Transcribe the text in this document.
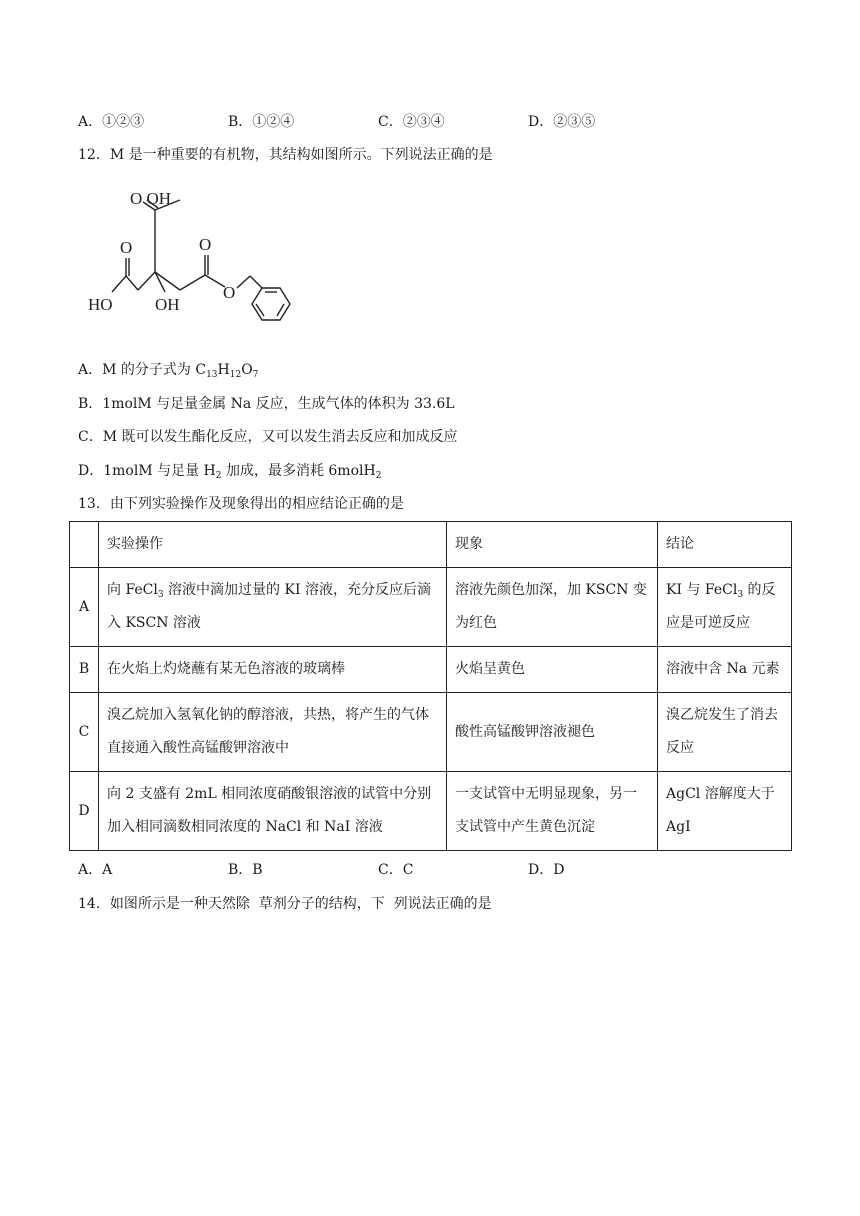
A．①②③	B．①②④	C．②③④	D．②③⑤
12．M 是一种重要的有机物，其结构如图所示。下列说法正确的是
O OH
O	O
HO OH
O
A．M 的分子式为 $C_{13}H_{12}O_7$
B．1molM 与足量金属 Na 反应，生成气体的体积为 33.6L
C．M 既可以发生酯化反应，又可以发生消去反应和加成反应
D．1molM 与足量 $H_2$ 加成，最多消耗 6molH$_2$
13．由下列实验操作及现象得出的相应结论正确的是
	实验操作	现象	结论
A	向 FeCl$_3$ 溶液中滴加过量的 KI 溶液，充分反应后滴入 KSCN 溶液	溶液先颜色加深，加 KSCN 变为红色	KI 与 FeCl$_3$ 的反应是可逆反应
B	在火焰上灼烧蘸有某无色溶液的玻璃棒	火焰呈黄色	溶液中含 Na 元素
C	溴乙烷加入氢氧化钠的醇溶液，共热，将产生的气体直接通入酸性高锰酸钾溶液中	酸性高锰酸钾溶液褪色	溴乙烷发生了消去反应
D	向 2 支盛有 2mL 相同浓度硝酸银溶液的试管中分别加入相同滴数相同浓度的 NaCl 和 NaI 溶液	一支试管中无明显现象，另一支试管中产生黄色沉淀	AgCl 溶解度大于 AgI
A．A	B．B	C．C	D．D
14．如图所示是一种天然除  草剂分子的结构，下  列说法正确的是
